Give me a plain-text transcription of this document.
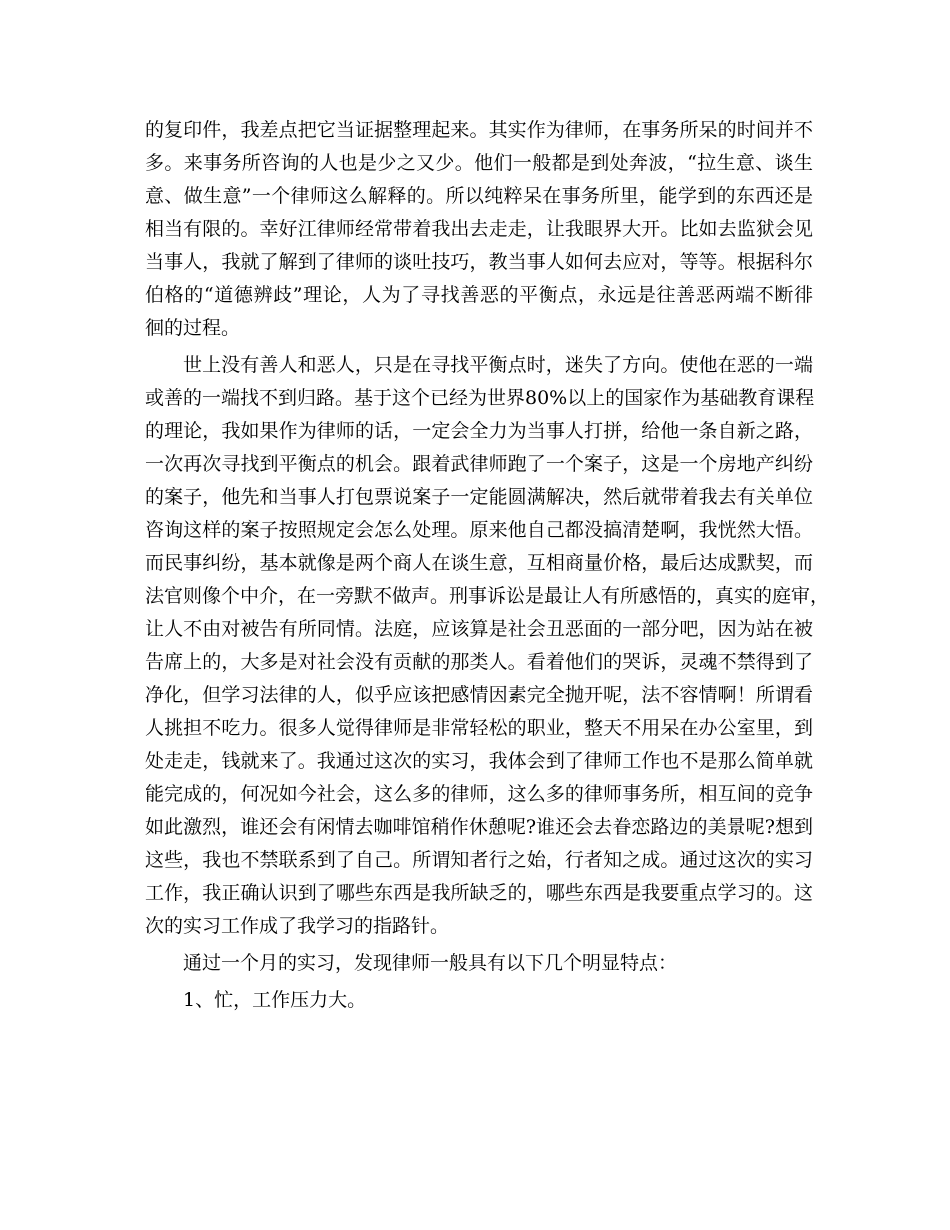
的复印件，我差点把它当证据整理起来。其实作为律师，在事务所呆的时间并不
多。来事务所咨询的人也是少之又少。他们一般都是到处奔波，“拉生意、谈生
意、做生意”一个律师这么解释的。所以纯粹呆在事务所里，能学到的东西还是
相当有限的。幸好江律师经常带着我出去走走，让我眼界大开。比如去监狱会见
当事人，我就了解到了律师的谈吐技巧，教当事人如何去应对，等等。根据科尔
伯格的“道德辨歧”理论，人为了寻找善恶的平衡点，永远是往善恶两端不断徘
徊的过程。
世上没有善人和恶人，只是在寻找平衡点时，迷失了方向。使他在恶的一端
或善的一端找不到归路。基于这个已经为世界80%以上的国家作为基础教育课程
的理论，我如果作为律师的话，一定会全力为当事人打拼，给他一条自新之路，
一次再次寻找到平衡点的机会。跟着武律师跑了一个案子，这是一个房地产纠纷
的案子，他先和当事人打包票说案子一定能圆满解决，然后就带着我去有关单位
咨询这样的案子按照规定会怎么处理。原来他自己都没搞清楚啊，我恍然大悟。
而民事纠纷，基本就像是两个商人在谈生意，互相商量价格，最后达成默契，而
法官则像个中介，在一旁默不做声。刑事诉讼是最让人有所感悟的，真实的庭审，
让人不由对被告有所同情。法庭，应该算是社会丑恶面的一部分吧，因为站在被
告席上的，大多是对社会没有贡献的那类人。看着他们的哭诉，灵魂不禁得到了
净化，但学习法律的人，似乎应该把感情因素完全抛开呢，法不容情啊！所谓看
人挑担不吃力。很多人觉得律师是非常轻松的职业，整天不用呆在办公室里，到
处走走，钱就来了。我通过这次的实习，我体会到了律师工作也不是那么简单就
能完成的，何况如今社会，这么多的律师，这么多的律师事务所，相互间的竞争
如此激烈，谁还会有闲情去咖啡馆稍作休憩呢?谁还会去眷恋路边的美景呢?想到
这些，我也不禁联系到了自己。所谓知者行之始，行者知之成。通过这次的实习
工作，我正确认识到了哪些东西是我所缺乏的，哪些东西是我要重点学习的。这
次的实习工作成了我学习的指路针。
通过一个月的实习，发现律师一般具有以下几个明显特点：
1、忙，工作压力大。
